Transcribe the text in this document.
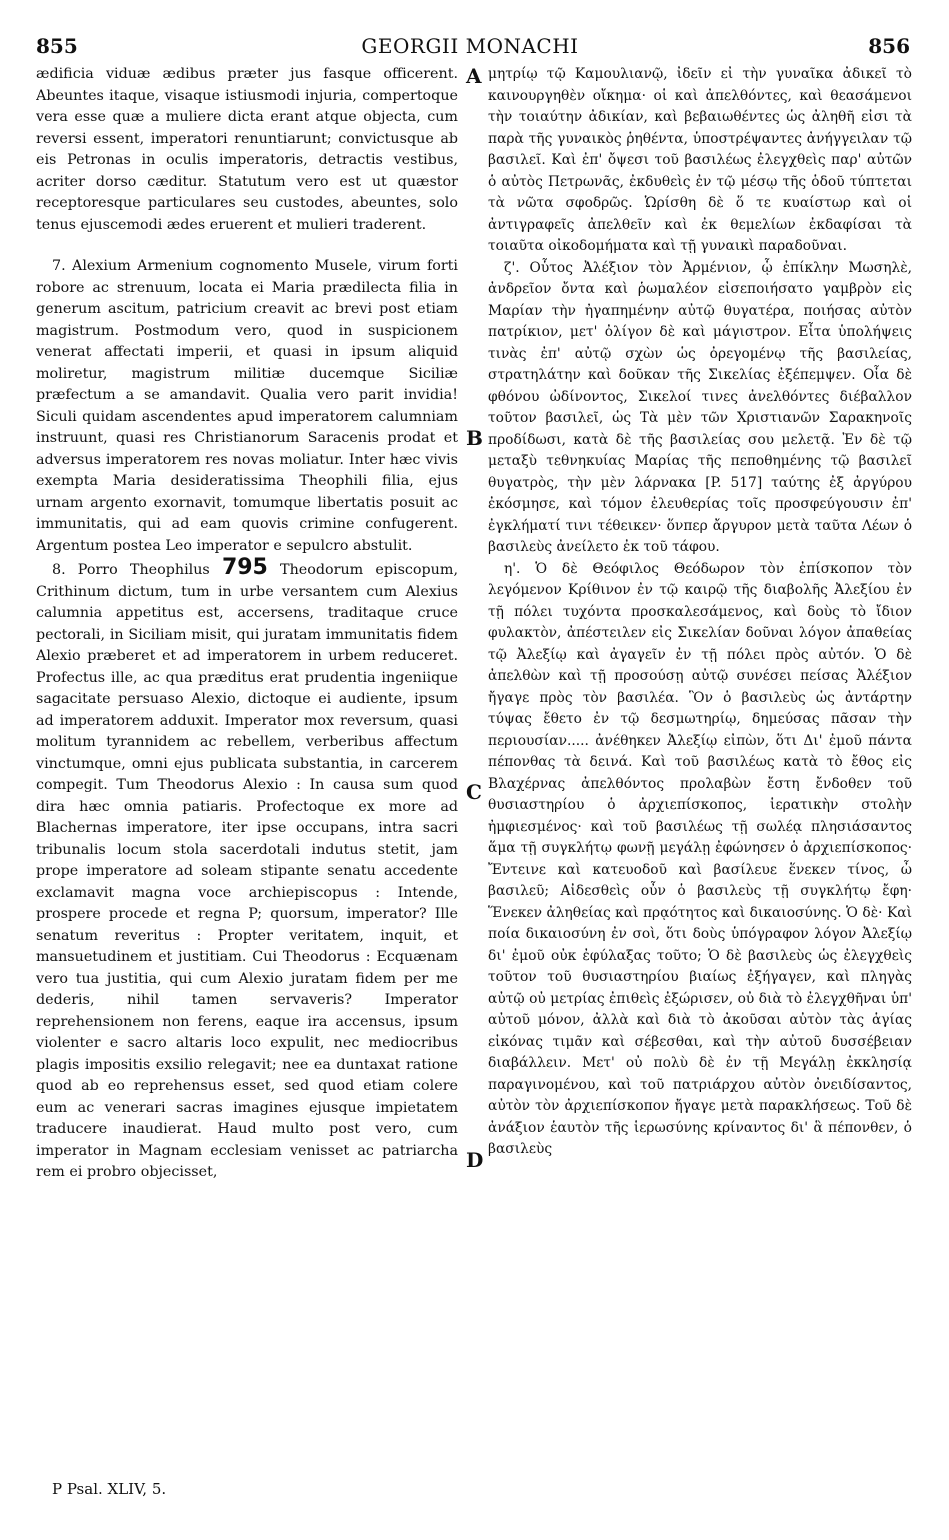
855	GEORGII MONACHI	856

ædificia viduæ ædibus præter jus fasque officerent. Abeuntes itaque, visaque istiusmodi injuria, compertoque vera esse quæ a muliere dicta erant atque objecta, cum reversi essent, imperatori renuntiarunt; convictusque ab eis Petronas in oculis imperatoris, detractis vestibus, acriter dorso cæditur. Statutum vero est ut quæstor receptoresque particulares seu custodes, abeuntes, solo tenus ejuscemodi ædes eruerent et mulieri traderent.

7. Alexium Armenium cognomento Musele, virum forti robore ac strenuum, locata ei Maria prædilecta filia in generum ascitum, patricium creavit ac brevi post etiam magistrum. Postmodum vero, quod in suspicionem venerat affectati imperii, et quasi in ipsum aliquid moliretur, magistrum militiæ ducemque Siciliæ præfectum a se amandavit. Qualia vero parit invidia! Siculi quidam ascendentes apud imperatorem calumniam instruunt, quasi res Christianorum Saracenis prodat et adversus imperatorem res novas moliatur. Inter hæc vivis exempta Maria desideratissima Theophili filia, ejus urnam argento exornavit, tomumque libertatis posuit ac immunitatis, qui ad eam quovis crimine confugerent. Argentum postea Leo imperator e sepulcro abstulit.

8. Porro Theophilus 795 Theodorum episcopum, Crithinum dictum, tum in urbe versantem cum Alexius calumnia appetitus est, accersens, traditaque cruce pectorali, in Siciliam misit, qui juratam immunitatis fidem Alexio præberet et ad imperatorem in urbem reduceret. Profectus ille, ac qua præditus erat prudentia ingeniique sagacitate persuaso Alexio, dictoque ei audiente, ipsum ad imperatorem adduxit. Imperator mox reversum, quasi molitum tyrannidem ac rebellem, verberibus affectum vinctumque, omni ejus publicata substantia, in carcerem compegit. Tum Theodorus Alexio : In causa sum quod dira hæc omnia patiaris. Profectoque ex more ad Blachernas imperatore, iter ipse occupans, intra sacri tribunalis locum stola sacerdotali indutus stetit, jam prope imperatore ad soleam stipante senatu accedente exclamavit magna voce archiepiscopus : Intende, prospere procede et regna P; quorsum, imperator? Ille senatum reveritus : Propter veritatem, inquit, et mansuetudinem et justitiam. Cui Theodorus : Ecquænam vero tua justitia, qui cum Alexio juratam fidem per me dederis, nihil tamen servaveris? Imperator reprehensionem non ferens, eaque ira accensus, ipsum violenter e sacro altaris loco expulit, nec mediocribus plagis impositis exsilio relegavit; nee ea duntaxat ratione quod ab eo reprehensus esset, sed quod etiam colere eum ac venerari sacras imagines ejusque impietatem traducere inaudierat. Haud multo post vero, cum imperator in Magnam ecclesiam venisset ac patriarcha rem ei probro objecisset,

A
B
C
D

μητρίῳ τῷ Καμουλιανῷ, ἰδεῖν εἰ τὴν γυναῖκα ἀδικεῖ τὸ καινουργηθὲν οἴκημα· οἱ καὶ ἀπελθόντες, καὶ θεασάμενοι τὴν τοιαύτην ἀδικίαν, καὶ βεβαιωθέντες ὡς ἀληθῆ εἰσι τὰ παρὰ τῆς γυναικὸς ῥηθέντα, ὑποστρέψαντες ἀνήγγειλαν τῷ βασιλεῖ. Καὶ ἐπ' ὄψεσι τοῦ βασιλέως ἐλεγχθεὶς παρ' αὐτῶν ὁ αὐτὸς Πετρωνᾶς, ἐκδυθεὶς ἐν τῷ μέσῳ τῆς ὁδοῦ τύπτεται τὰ νῶτα σφοδρῶς. Ὡρίσθη δὲ ὅ τε κυαίστωρ καὶ οἱ ἀντιγραφεῖς ἀπελθεῖν καὶ ἐκ θεμελίων ἐκδαφίσαι τὰ τοιαῦτα οἰκοδομήματα καὶ τῇ γυναικὶ παραδοῦναι.

ζ'. Οὗτος Ἀλέξιον τὸν Ἀρμένιον, ᾧ ἐπίκλην Μωσηλὲ, ἀνδρεῖον ὄντα καὶ ῥωμαλέον εἰσεποιήσατο γαμβρὸν εἰς Μαρίαν τὴν ἠγαπημένην αὐτῷ θυγατέρα, ποιήσας αὐτὸν πατρίκιον, μετ' ὀλίγον δὲ καὶ μάγιστρον. Εἶτα ὑπολήψεις τινὰς ἐπ' αὐτῷ σχὼν ὡς ὀρεγομένῳ τῆς βασιλείας, στρατηλάτην καὶ δοῦκαν τῆς Σικελίας ἐξέπεμψεν. Οἷα δὲ φθόνου ὠδίνοντος, Σικελοί τινες ἀνελθόντες διέβαλλον τοῦτον βασιλεῖ, ὡς Τὰ μὲν τῶν Χριστιανῶν Σαρακηνοῖς προδίδωσι, κατὰ δὲ τῆς βασιλείας σου μελετᾷ. Ἐν δὲ τῷ μεταξὺ τεθνηκυίας Μαρίας τῆς πεποθημένης τῷ βασιλεῖ θυγατρὸς, τὴν μὲν λάρνακα [P. 517] ταύτης ἐξ ἀργύρου ἐκόσμησε, καὶ τόμον ἐλευθερίας τοῖς προσφεύγουσιν ἐπ' ἐγκλήματί τινι τέθεικεν· ὅνπερ ἄργυρον μετὰ ταῦτα Λέων ὁ βασιλεὺς ἀνείλετο ἐκ τοῦ τάφου.

η'. Ὁ δὲ Θεόφιλος Θεόδωρον τὸν ἐπίσκοπον τὸν λεγόμενον Κρίθινον ἐν τῷ καιρῷ τῆς διαβολῆς Ἀλεξίου ἐν τῇ πόλει τυχόντα προσκαλεσάμενος, καὶ δοὺς τὸ ἴδιον φυλακτὸν, ἀπέστειλεν εἰς Σικελίαν δοῦναι λόγον ἀπαθείας τῷ Ἀλεξίῳ καὶ ἀγαγεῖν ἐν τῇ πόλει πρὸς αὐτόν. Ὁ δὲ ἀπελθὼν καὶ τῇ προσούσῃ αὐτῷ συνέσει πείσας Ἀλέξιον ἤγαγε πρὸς τὸν βασιλέα. Ὃν ὁ βασιλεὺς ὡς ἀντάρτην τύψας ἔθετο ἐν τῷ δεσμωτηρίῳ, δημεύσας πᾶσαν τὴν περιουσίαν..... ἀνέθηκεν Ἀλεξίῳ εἰπὼν, ὅτι Δι' ἐμοῦ πάντα πέπονθας τὰ δεινά. Καὶ τοῦ βασιλέως κατὰ τὸ ἔθος εἰς Βλαχέρνας ἀπελθόντος προλαβὼν ἔστη ἔνδοθεν τοῦ θυσιαστηρίου ὁ ἀρχιεπίσκοπος, ἱερατικὴν στολὴν ἠμφιεσμένος· καὶ τοῦ βασιλέως τῇ σωλέᾳ πλησιάσαντος ἅμα τῇ συγκλήτῳ φωνῇ μεγάλῃ ἐφώνησεν ὁ ἀρχιεπίσκοπος· Ἔντεινε καὶ κατευοδοῦ καὶ βασίλευε ἕνεκεν τίνος, ὦ βασιλεῦ; Αἰδεσθεὶς οὖν ὁ βασιλεὺς τῇ συγκλήτῳ ἔφη· Ἕνεκεν ἀληθείας καὶ πρᾳότητος καὶ δικαιοσύνης. Ὁ δὲ· Καὶ ποία δικαιοσύνη ἐν σοὶ, ὅτι δοὺς ὑπόγραφον λόγον Ἀλεξίῳ δι' ἐμοῦ οὐκ ἐφύλαξας τοῦτο; Ὁ δὲ βασιλεὺς ὡς ἐλεγχθεὶς τοῦτον τοῦ θυσιαστηρίου βιαίως ἐξήγαγεν, καὶ πληγὰς αὐτῷ οὐ μετρίας ἐπιθεὶς ἐξώρισεν, οὐ διὰ τὸ ἐλεγχθῆναι ὑπ' αὐτοῦ μόνον, ἀλλὰ καὶ διὰ τὸ ἀκοῦσαι αὐτὸν τὰς ἁγίας εἰκόνας τιμᾶν καὶ σέβεσθαι, καὶ τὴν αὐτοῦ δυσσέβειαν διαβάλλειν. Μετ' οὐ πολὺ δὲ ἐν τῇ Μεγάλῃ ἐκκλησίᾳ παραγινομένου, καὶ τοῦ πατριάρχου αὐτὸν ὀνειδίσαντος, αὐτὸν τὸν ἀρχιεπίσκοπον ἤγαγε μετὰ παρακλήσεως. Τοῦ δὲ ἀνάξιον ἑαυτὸν τῆς ἱερωσύνης κρίναντος δι' ἃ πέπονθεν, ὁ βασιλεὺς

P Psal. XLIV, 5.
